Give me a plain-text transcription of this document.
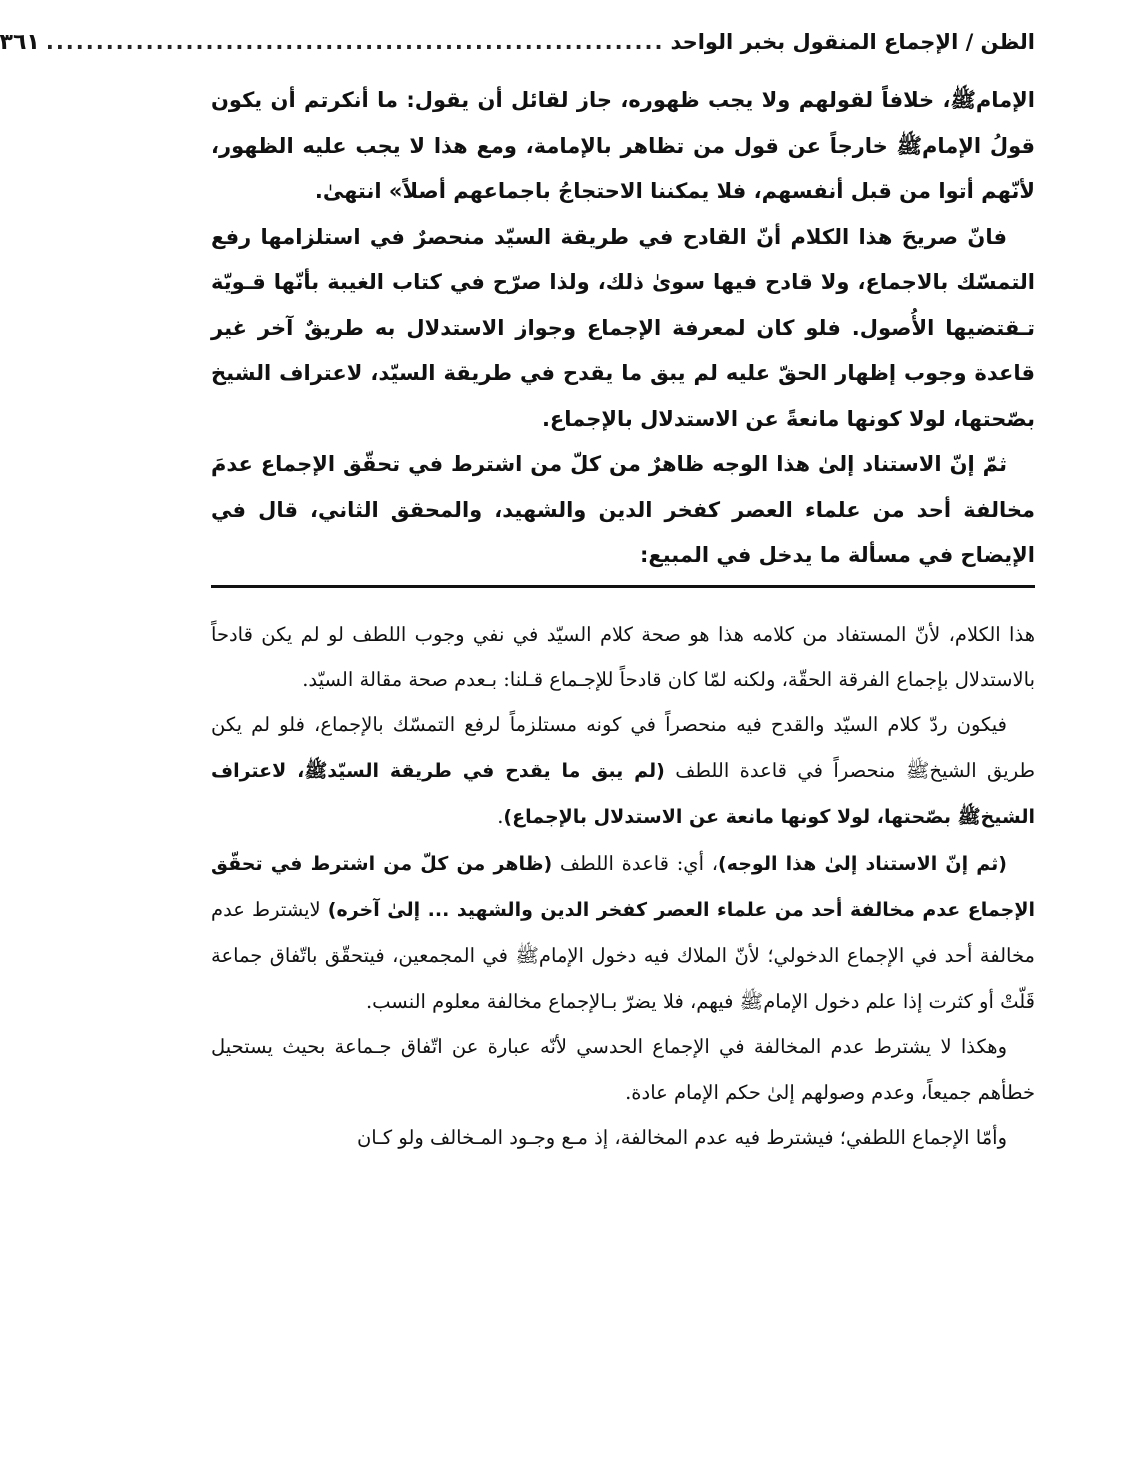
الظن / الإجماع المنقول بخبر الواحد
..............................................................
٣٦١

الإمامﷺ، خلافاً لقولهم ولا يجب ظهوره، جاز لقائل أن يقول: ما أنكرتم أن يكون قولُ الإمامﷺ خارجاً عن قول من تظاهر بالإمامة، ومع هذا لا يجب عليه الظهور، لأنّهم أتوا من قبل أنفسهم، فلا يمكننا الاحتجاجُ باجماعهم أصلاً» انتهىٰ.

فانّ صريحَ هذا الكلام أنّ القادح في طريقة السيّد منحصرٌ في استلزامها رفع التمسّك بالاجماع، ولا قادح فيها سوىٰ ذلك، ولذا صرّح في كتاب الغيبة بأنّها قـويّة تـقتضيها الأُصول. فلو كان لمعرفة الإجماع وجواز الاستدلال به طريقٌ آخر غير قاعدة وجوب إظهار الحقّ عليه لم يبق ما يقدح في طريقة السيّد، لاعتراف الشيخ بصّحتها، لولا كونها مانعةً عن الاستدلال بالإجماع.

ثمّ إنّ الاستناد إلىٰ هذا الوجه ظاهرٌ من كلّ من اشترط في تحقّق الإجماع عدمَ مخالفة أحد من علماء العصر كفخر الدين والشهيد، والمحقق الثاني، قال في الإيضاح في مسألة ما يدخل في المبيع:

هذا الكلام، لأنّ المستفاد من كلامه هذا هو صحة كلام السيّد في نفي وجوب اللطف لو لم يكن قادحاً بالاستدلال بإجماع الفرقة الحقّة، ولكنه لمّا كان قادحاً للإجـماع قـلنا: بـعدم صحة مقالة السيّد.

فيكون ردّ كلام السيّد والقدح فيه منحصراً في كونه مستلزماً لرفع التمسّك بالإجماع، فلو لم يكن طريق الشيخﷺ منحصراً في قاعدة اللطف (لم يبق ما يقدح في طريقة السيّدﷺ، لاعتراف الشيخﷺ بصّحتها، لولا كونها مانعة عن الاستدلال بالإجماع).

(ثم إنّ الاستناد إلىٰ هذا الوجه)، أي: قاعدة اللطف (ظاهر من كلّ من اشترط في تحقّق الإجماع عدم مخالفة أحد من علماء العصر كفخر الدين والشهيد ... إلىٰ آخره) لايشترط عدم مخالفة أحد في الإجماع الدخولي؛ لأنّ الملاك فيه دخول الإمامﷺ في المجمعين، فيتحقّق باتّفاق جماعة قَلّتْ أو كثرت إذا علم دخول الإمامﷺ فيهم، فلا يضرّ بـالإجماع مخالفة معلوم النسب.

وهكذا لا يشترط عدم المخالفة في الإجماع الحدسي لأنّه عبارة عن اتّفاق جـماعة بحيث يستحيل خطأهم جميعاً، وعدم وصولهم إلىٰ حكم الإمام عادة.

وأمّا الإجماع اللطفي؛ فيشترط فيه عدم المخالفة، إذ مـع وجـود المـخالف ولو كـان
